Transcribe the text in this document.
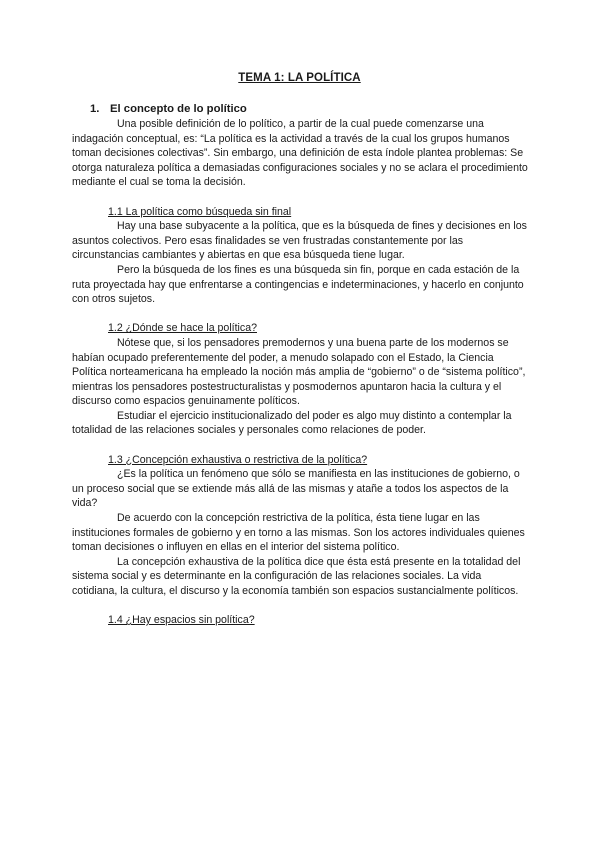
TEMA 1: LA POLÍTICA

1. El concepto de lo político

Una posible definición de lo político, a partir de la cual puede comenzarse una indagación conceptual, es: “La política es la actividad a través de la cual los grupos humanos toman decisiones colectivas”. Sin embargo, una definición de esta índole plantea problemas: Se otorga naturaleza política a demasiadas configuraciones sociales y no se aclara el procedimiento mediante el cual se toma la decisión.

1.1 La política como búsqueda sin final

Hay una base subyacente a la política, que es la búsqueda de fines y decisiones en los asuntos colectivos. Pero esas finalidades se ven frustradas constantemente por las circunstancias cambiantes y abiertas en que esa búsqueda tiene lugar.

Pero la búsqueda de los fines es una búsqueda sin fin, porque en cada estación de la ruta proyectada hay que enfrentarse a contingencias e indeterminaciones, y hacerlo en conjunto con otros sujetos.

1.2 ¿Dónde se hace la política?

Nótese que, si los pensadores premodernos y una buena parte de los modernos se habían ocupado preferentemente del poder, a menudo solapado con el Estado, la Ciencia Política norteamericana ha empleado la noción más amplia de “gobierno” o de “sistema político”, mientras los pensadores postestructuralistas y posmodernos apuntaron hacia la cultura y el discurso como espacios genuinamente políticos.

Estudiar el ejercicio institucionalizado del poder es algo muy distinto a contemplar la totalidad de las relaciones sociales y personales como relaciones de poder.

1.3 ¿Concepción exhaustiva o restrictiva de la política?

¿Es la política un fenómeno que sólo se manifiesta en las instituciones de gobierno, o un proceso social que se extiende más allá de las mismas y atañe a todos los aspectos de la vida?

De acuerdo con la concepción restrictiva de la política, ésta tiene lugar en las instituciones formales de gobierno y en torno a las mismas. Son los actores individuales quienes toman decisiones o influyen en ellas en el interior del sistema político.

La concepción exhaustiva de la política dice que ésta está presente en la totalidad del sistema social y es determinante en la configuración de las relaciones sociales. La vida cotidiana, la cultura, el discurso y la economía también son espacios sustancialmente políticos.

1.4 ¿Hay espacios sin política?
